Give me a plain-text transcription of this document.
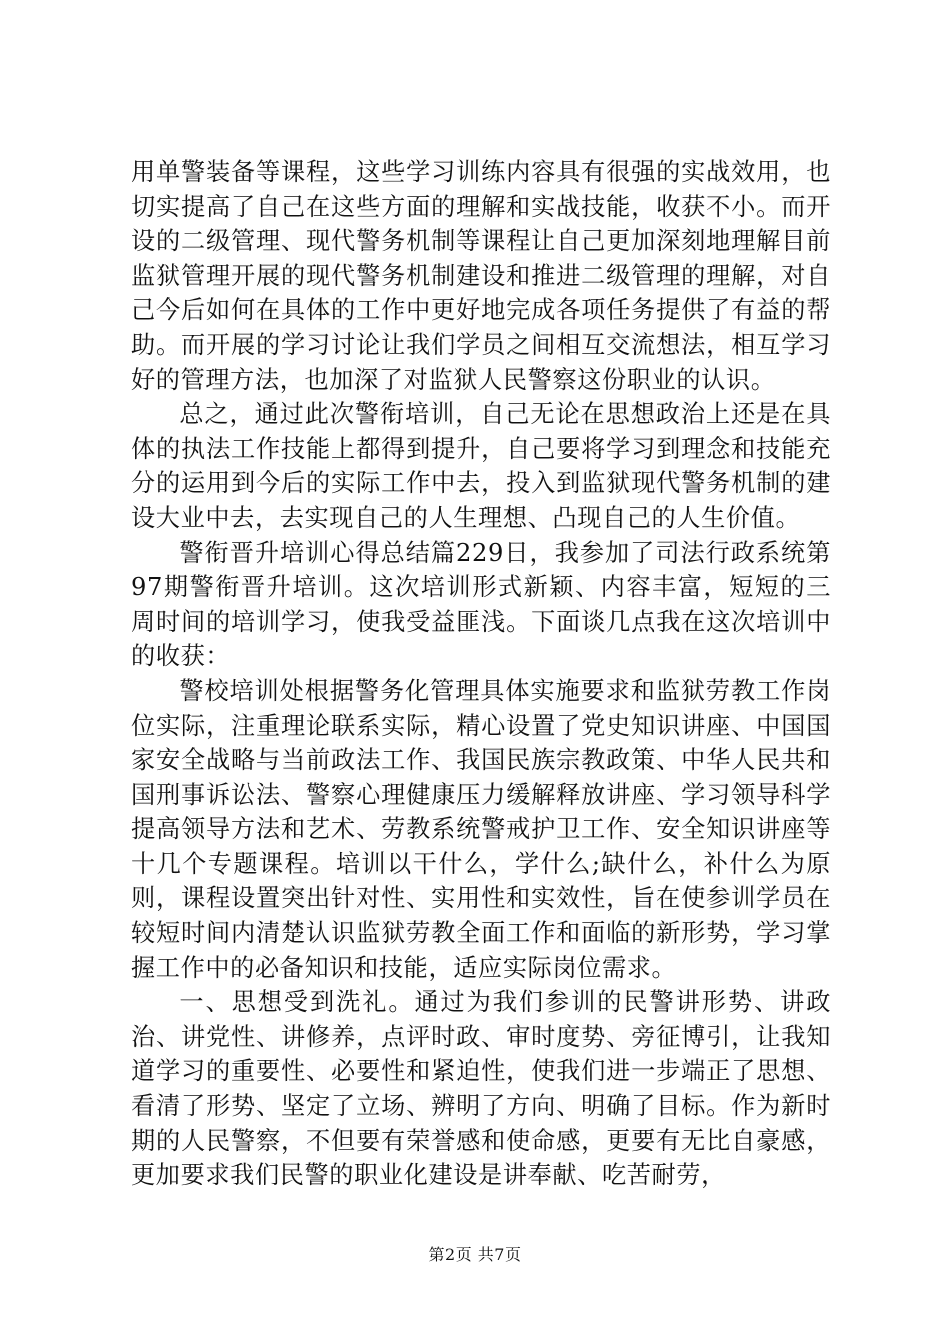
用单警装备等课程，这些学习训练内容具有很强的实战效用，也切实提高了自己在这些方面的理解和实战技能，收获不小。而开设的二级管理、现代警务机制等课程让自己更加深刻地理解目前监狱管理开展的现代警务机制建设和推进二级管理的理解，对自己今后如何在具体的工作中更好地完成各项任务提供了有益的帮助。而开展的学习讨论让我们学员之间相互交流想法，相互学习好的管理方法，也加深了对监狱人民警察这份职业的认识。

总之，通过此次警衔培训，自己无论在思想政治上还是在具体的执法工作技能上都得到提升，自己要将学习到理念和技能充分的运用到今后的实际工作中去，投入到监狱现代警务机制的建设大业中去，去实现自己的人生理想、凸现自己的人生价值。

警衔晋升培训心得总结篇229日，我参加了司法行政系统第97期警衔晋升培训。这次培训形式新颖、内容丰富，短短的三周时间的培训学习，使我受益匪浅。下面谈几点我在这次培训中的收获：

警校培训处根据警务化管理具体实施要求和监狱劳教工作岗位实际，注重理论联系实际，精心设置了党史知识讲座、中国国家安全战略与当前政法工作、我国民族宗教政策、中华人民共和国刑事诉讼法、警察心理健康压力缓解释放讲座、学习领导科学提高领导方法和艺术、劳教系统警戒护卫工作、安全知识讲座等十几个专题课程。培训以干什么，学什么;缺什么，补什么为原则，课程设置突出针对性、实用性和实效性，旨在使参训学员在较短时间内清楚认识监狱劳教全面工作和面临的新形势，学习掌握工作中的必备知识和技能，适应实际岗位需求。

一、思想受到洗礼。通过为我们参训的民警讲形势、讲政治、讲党性、讲修养，点评时政、审时度势、旁征博引，让我知道学习的重要性、必要性和紧迫性，使我们进一步端正了思想、看清了形势、坚定了立场、辨明了方向、明确了目标。作为新时期的人民警察，不但要有荣誉感和使命感，更要有无比自豪感，更加要求我们民警的职业化建设是讲奉献、吃苦耐劳，

第2页 共7页
